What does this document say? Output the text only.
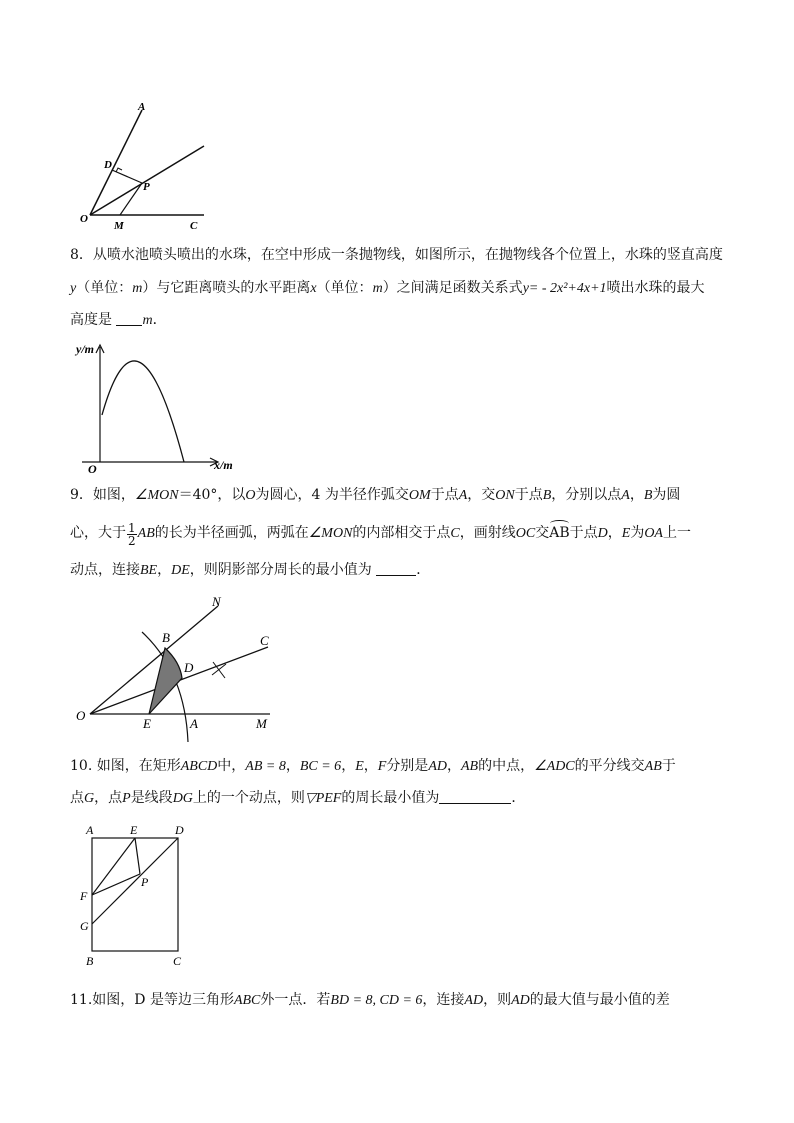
A
D
P
O
M	C
8．从喷水池喷头喷出的水珠，在空中形成一条抛物线，如图所示，在抛物线各个位置上，水珠的竖直高度
y（单位：m）与它距离喷头的水平距离x（单位：m）之间满足函数关系式y= - 2x²+4x+1喷出水珠的最大
高度是 m．
y/m
x/m
O
9．如图，∠MON＝40°，以O为圆心，4 为半径作弧交OM于点A，交ON于点B，分别以点A，B为圆
心，大于 $\frac{1}{2}$ AB的长为半径画弧，两弧在∠MON的内部相交于点C，画射线OC交AB于点D，E为OA上一
动点，连接BE，DE，则阴影部分周长的最小值为	．
N
B	C
D
O
E	A	M
10. 如图，在矩形ABCD中，AB = 8，BC = 6，E，F分别是AD，AB的中点，∠ADC的平分线交AB于
点G，点P是线段DG上的一个动点，则▽PEF的周长最小值为	．
A	E	D
F
P
G
B	C
11.如图，D 是等边三角形ABC外一点．若BD = 8, CD = 6，连接AD，则AD的最大值与最小值的差
